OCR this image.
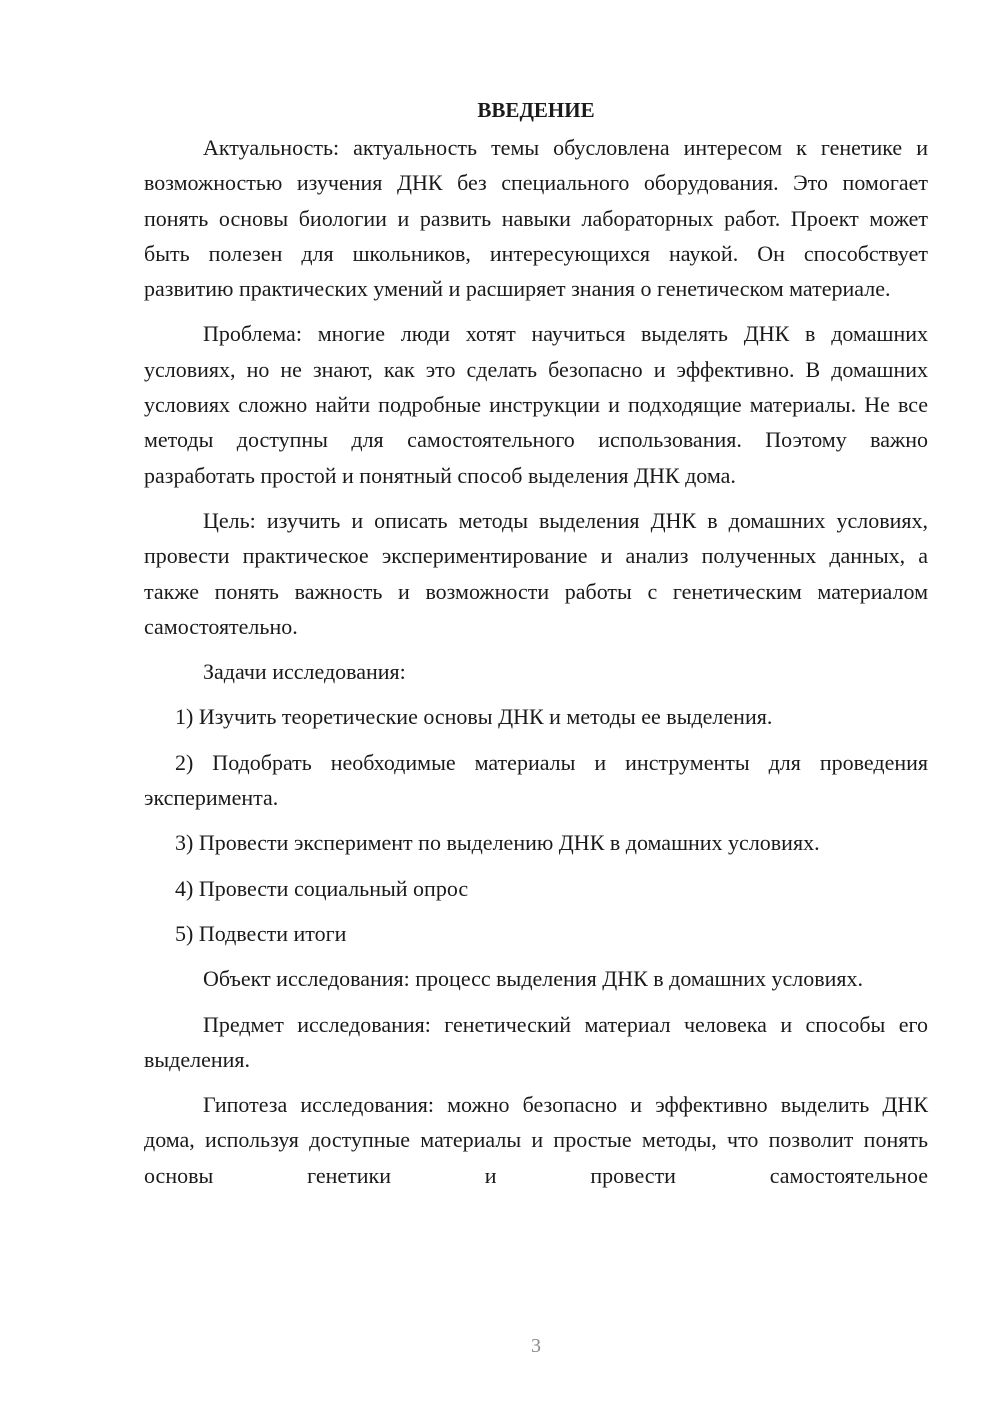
ВВЕДЕНИЕ

Актуальность: актуальность темы обусловлена интересом к генетике и возможностью изучения ДНК без специального оборудования. Это помогает понять основы биологии и развить навыки лабораторных работ. Проект может быть полезен для школьников, интересующихся наукой. Он способствует развитию практических умений и расширяет знания о генетическом материале.

Проблема: многие люди хотят научиться выделять ДНК в домашних условиях, но не знают, как это сделать безопасно и эффективно. В домашних условиях сложно найти подробные инструкции и подходящие материалы. Не все методы доступны для самостоятельного использования. Поэтому важно разработать простой и понятный способ выделения ДНК дома.

Цель: изучить и описать методы выделения ДНК в домашних условиях, провести практическое экспериментирование и анализ полученных данных, а также понять важность и возможности работы с генетическим материалом самостоятельно.

Задачи исследования:

1) Изучить теоретические основы ДНК и методы ее выделения.

2) Подобрать необходимые материалы и инструменты для проведения эксперимента.

3) Провести эксперимент по выделению ДНК в домашних условиях.

4) Провести социальный опрос

5) Подвести итоги

Объект исследования: процесс выделения ДНК в домашних условиях.

Предмет исследования: генетический материал человека и способы его выделения.

Гипотеза исследования: можно безопасно и эффективно выделить ДНК дома, используя доступные материалы и простые методы, что позволит понять основы генетики и провести самостоятельное

3
